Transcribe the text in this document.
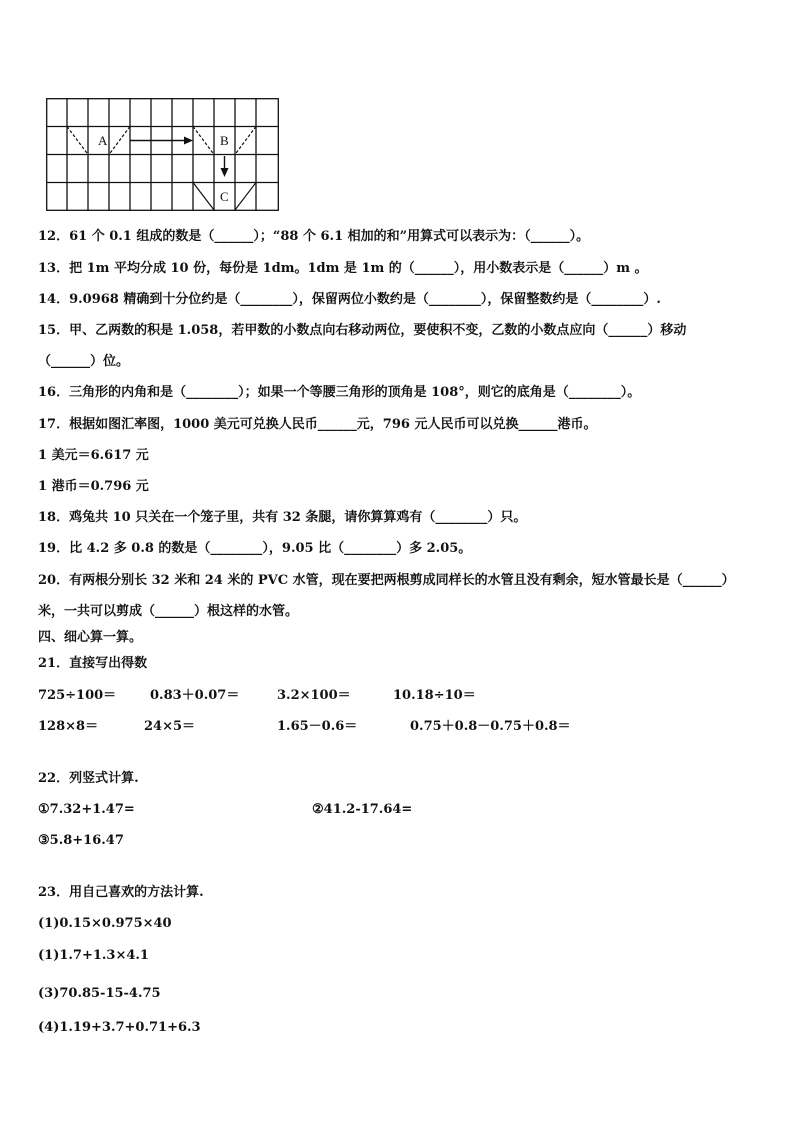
A	B
C
12．61 个 0.1 组成的数是（______）；“88 个 6.1 相加的和”用算式可以表示为：（______）。
13．把 1m 平均分成 10 份，每份是 1dm。1dm 是 1m 的（______），用小数表示是（______）m 。
14．9.0968 精确到十分位约是（________），保留两位小数约是（________），保留整数约是（________）.
15．甲、乙两数的积是 1.058，若甲数的小数点向右移动两位，要使积不变，乙数的小数点应向（______）移动
（______）位。
16．三角形的内角和是（________）；如果一个等腰三角形的顶角是 108°，则它的底角是（________）。
17．根据如图汇率图，1000 美元可兑换人民币______元，796 元人民币可以兑换______港币。
1 美元＝6.617 元
1 港币＝0.796 元
18．鸡兔共 10 只关在一个笼子里，共有 32 条腿，请你算算鸡有（________）只。
19．比 4.2 多 0.8 的数是（________），9.05 比（________）多 2.05。
20．有两根分别长 32 米和 24 米的 PVC 水管，现在要把两根剪成同样长的水管且没有剩余，短水管最长是（______）
米，一共可以剪成（______）根这样的水管。
四、细心算一算。
21．直接写出得数
725÷100＝	0.83＋0.07＝	3.2×100＝	10.18÷10＝
128×8＝	24×5＝	1.65－0.6＝	0.75＋0.8－0.75＋0.8＝
22．列竖式计算.
①7.32+1.47=	②41.2-17.64=
③5.8+16.47
23．用自己喜欢的方法计算.
(1)0.15×0.975×40
(1)1.7+1.3×4.1
(3)70.85-15-4.75
(4)1.19+3.7+0.71+6.3
